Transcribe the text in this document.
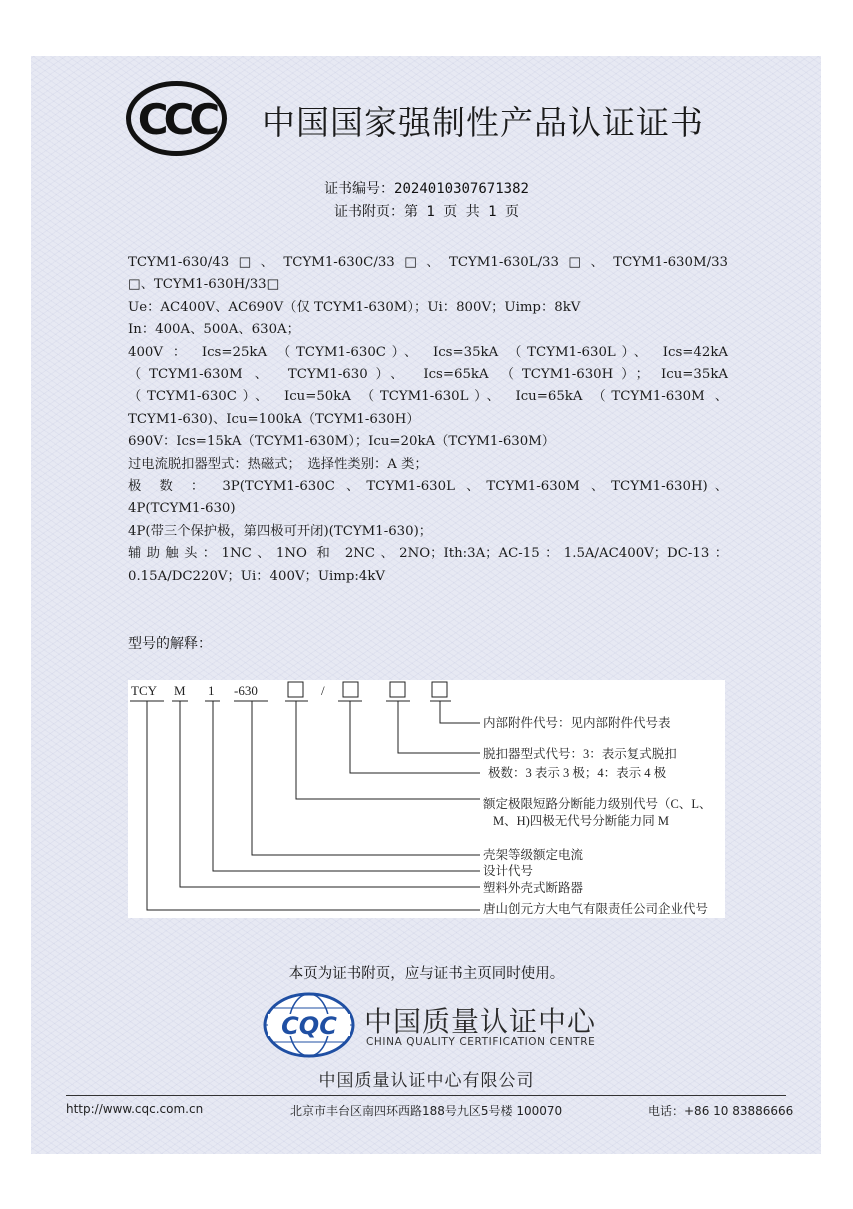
CCC 中国国家强制性产品认证证书
证书编号：2024010307671382
证书附页：第 1 页 共 1 页

TCYM1-630/43□、TCYM1-630C/33□、TCYM1-630L/33□、TCYM1-630M/33

□、TCYM1-630H/33□

Ue：AC400V、AC690V（仅 TCYM1-630M）；Ui：800V；Uimp：8kV

In：400A、500A、630A；

400V ： Ics=25kA （TCYM1-630C）、 Ics=35kA （TCYM1-630L）、 Ics=42kA

（TCYM1-630M 、 TCYM1-630）、 Ics=65kA （TCYM1-630H）； Icu=35kA

（TCYM1-630C）、 Icu=50kA （TCYM1-630L）、 Icu=65kA （TCYM1-630M 、

TCYM1-630)、Icu=100kA（TCYM1-630H）

690V：Ics=15kA（TCYM1-630M）；Icu=20kA（TCYM1-630M）

过电流脱扣器型式：热磁式；　选择性类别：A 类；

极 数 ： 3P(TCYM1-630C 、TCYM1-630L 、TCYM1-630M 、TCYM1-630H)、

4P(TCYM1-630)

4P(带三个保护极，第四极可开闭)(TCYM1-630)；

辅助触头：1NC、1NO 和 2NC、2NO；Ith:3A；AC-15：1.5A/AC400V；DC-13：

0.15A/DC220V；Ui：400V；Uimp:4kV

型号的解释：
TCY M 1 -630	/
内部附件代号：见内部附件代号表
脱扣器型式代号：3：表示复式脱扣
极数：3 表示 3 极；4：表示 4 极
额定极限短路分断能力级别代号（C、L、
M、H)四极无代号分断能力同 M
壳架等级额定电流
设计代号
塑料外壳式断路器
唐山创元方大电气有限责任公司企业代号
本页为证书附页，应与证书主页同时使用。
CQC 中国质量认证中心
CHINA QUALITY CERTIFICATION CENTRE
中国质量认证中心有限公司
http://www.cqc.com.cn	北京市丰台区南四环西路188号九区5号楼 100070	电话：+86 10 83886666
